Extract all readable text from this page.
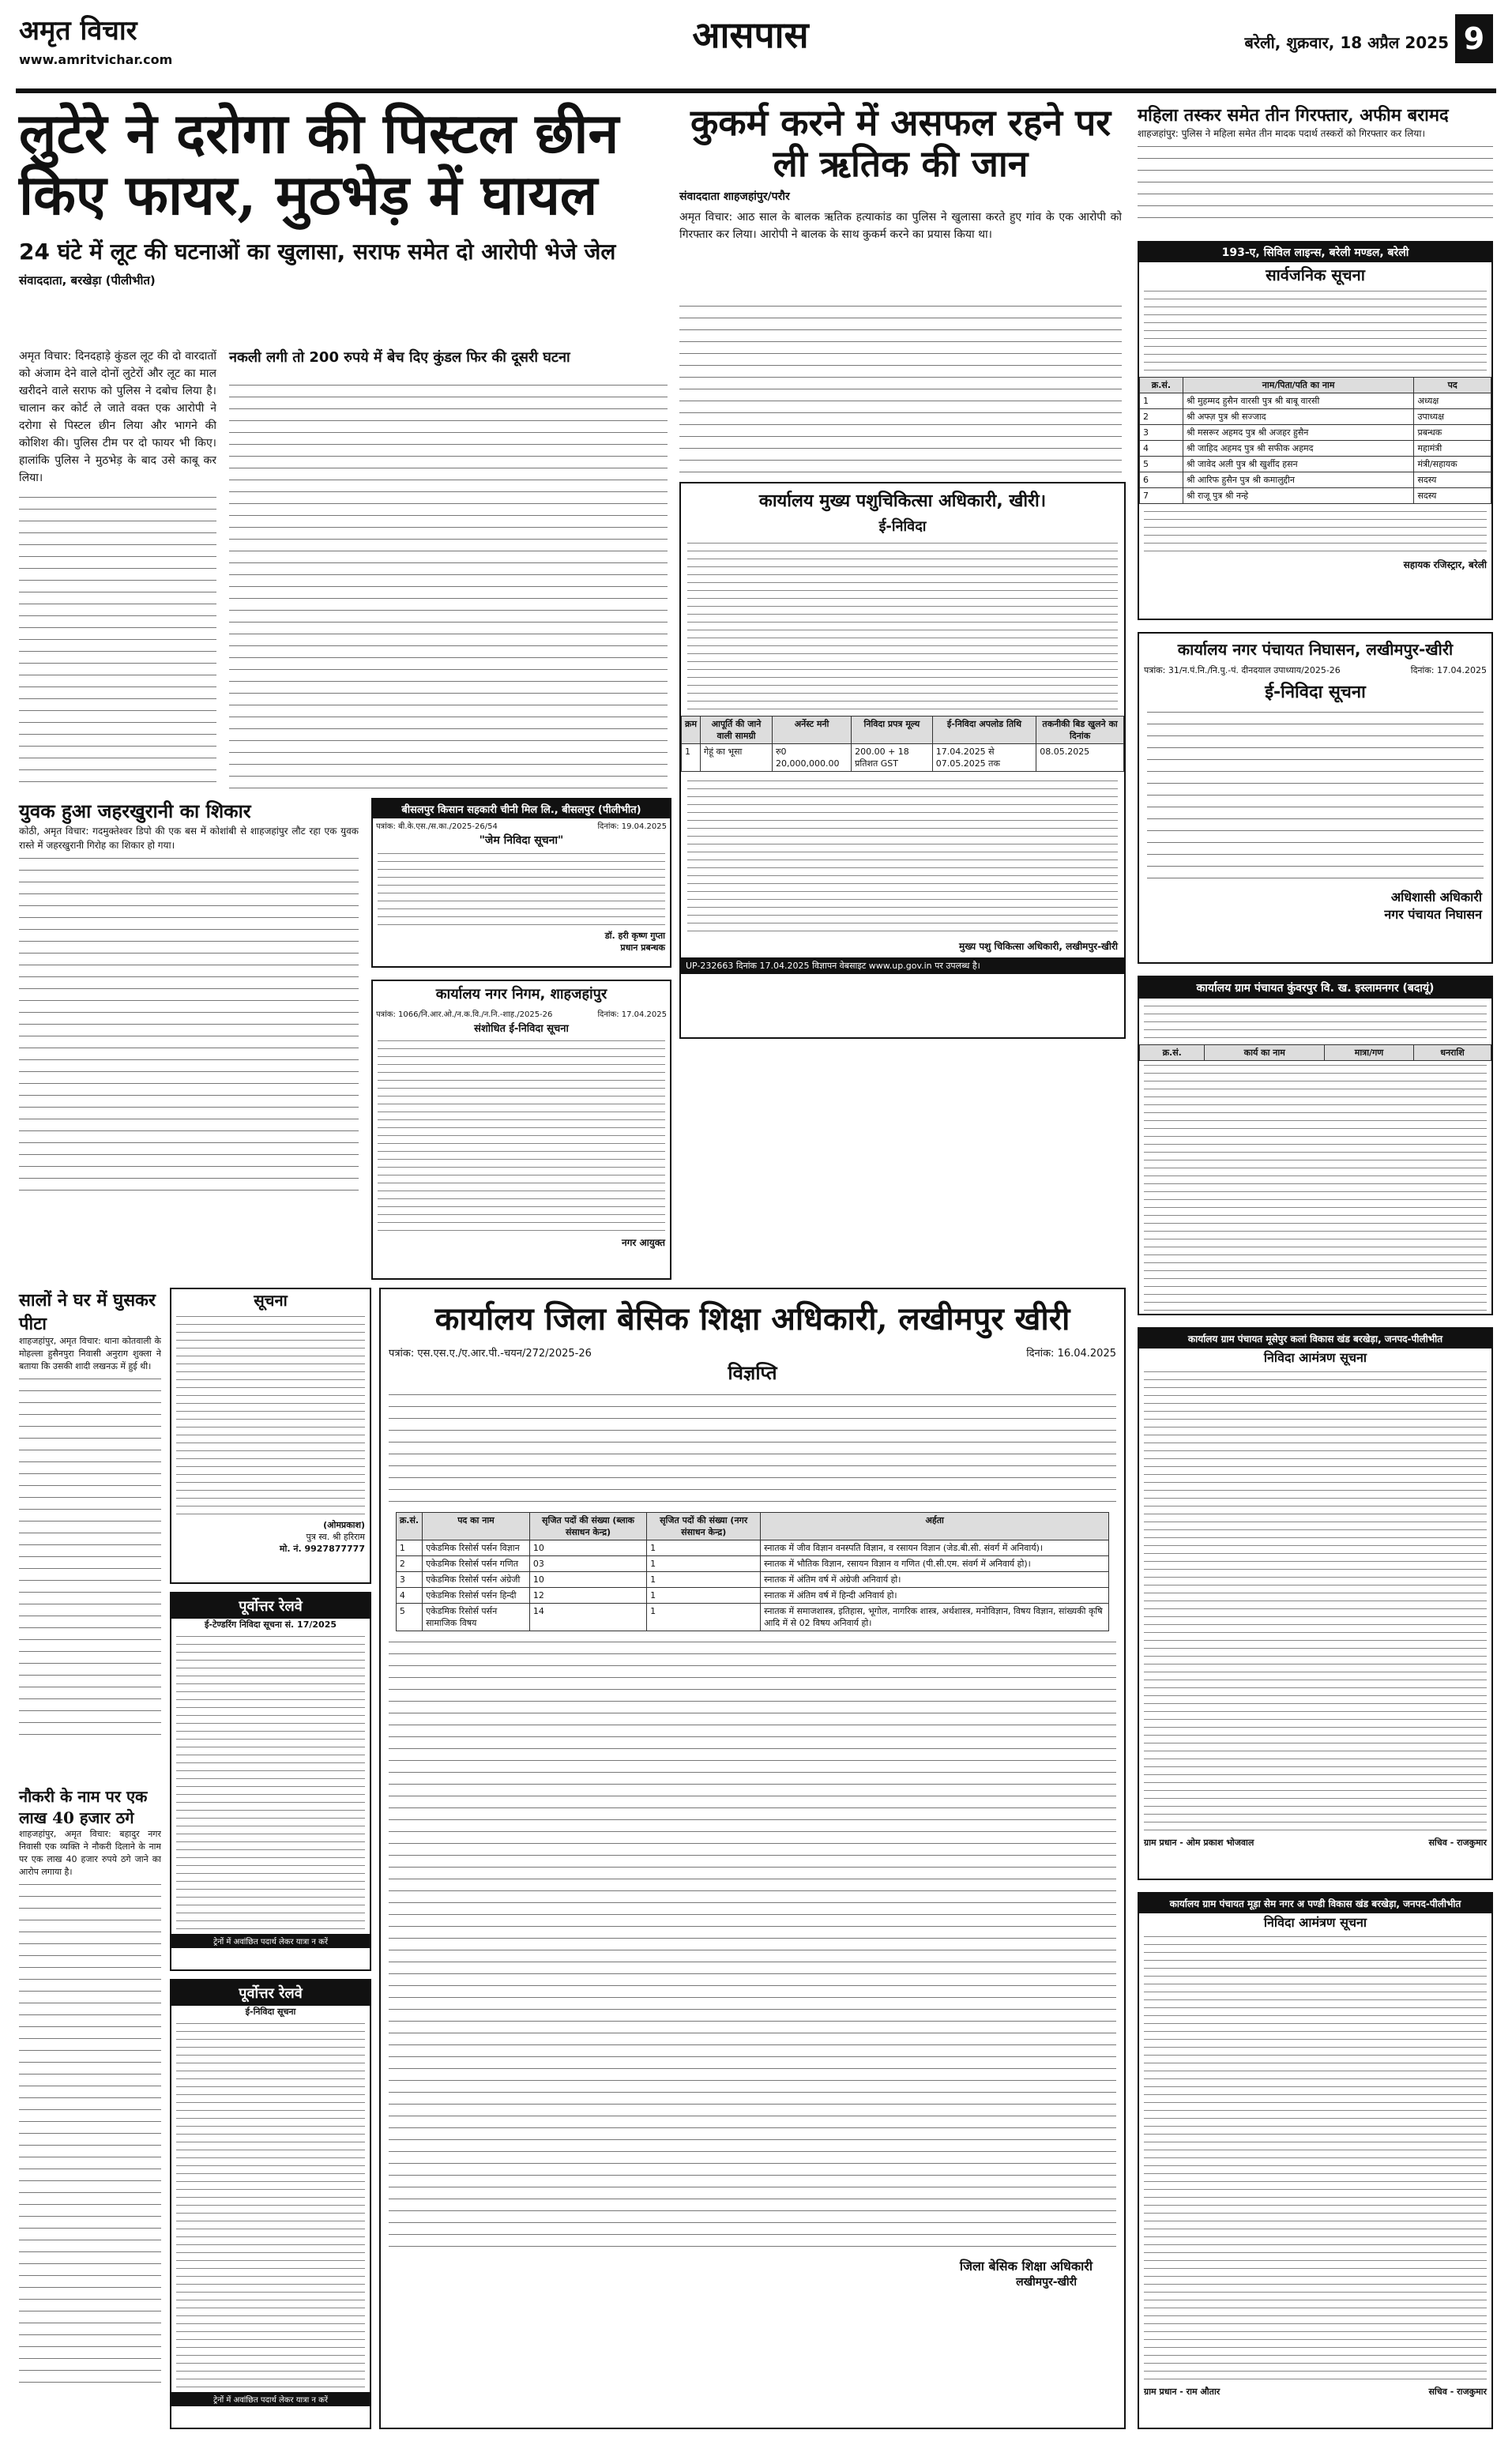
अमृत विचार
www.amritvichar.com
आसपास	बरेली, शुक्रवार, 18 अप्रैल 2025 9
लुटेरे ने दरोगा की पिस्टल छीन
किए फायर, मुठभेड़ में घायल
24 घंटे में लूट की घटनाओं का खुलासा, सराफ समेत दो आरोपी भेजे जेल
संवाददाता, बरखेड़ा (पीलीभीत)
अमृत विचार: दिनदहाड़े कुंडल लूट की दो वारदातों को अंजाम देने वाले दोनों लुटेरों और लूट का माल खरीदने वाले सराफ को पुलिस ने दबोच लिया है। चालान कर कोर्ट ले जाते वक्त एक आरोपी ने दरोगा से पिस्टल छीन लिया और भागने की कोशिश की। पुलिस टीम पर दो फायर भी किए। हालांकि पुलिस ने मुठभेड़ के बाद उसे काबू कर लिया।
नकली लगी तो 200 रुपये में बेच दिए कुंडल फिर की दूसरी घटना
कुकर्म करने में असफल रहने पर ली ऋतिक की जान
संवाददाता शाहजहांपुर/परौर
अमृत विचार: आठ साल के बालक ऋतिक हत्याकांड का पुलिस ने खुलासा करते हुए गांव के एक आरोपी को गिरफ्तार कर लिया। आरोपी ने बालक के साथ कुकर्म करने का प्रयास किया था।
महिला तस्कर समेत तीन गिरफ्तार, अफीम बरामद
शाहजहांपुर: पुलिस ने महिला समेत तीन मादक पदार्थ तस्करों को गिरफ्तार कर लिया।
193-ए, सिविल लाइन्स, बरेली मण्डल, बरेली
सार्वजनिक सूचना
क्र.सं.	नाम/पिता/पति का नाम	पद
1	श्री मुहम्मद हुसैन वारसी पुत्र श्री बाबू वारसी	अध्यक्ष
2	श्री अफ्ज़ पुत्र श्री सज्जाद	उपाध्यक्ष
3	श्री मसरूर अहमद पुत्र श्री अजहर हुसैन	प्रबन्धक
4	श्री जाहिद अहमद पुत्र श्री सफीक अहमद	महामंत्री
5	श्री जावेद अली पुत्र श्री खुर्शीद हसन	मंत्री/सहायक
6	श्री आरिफ हुसैन पुत्र श्री कमालुद्दीन	सदस्य
7	श्री राजू पुत्र श्री नन्हे	सदस्य
सहायक रजिस्ट्रार, बरेली
कार्यालय नगर पंचायत निघासन, लखीमपुर-खीरी
पत्रांक: 31/न.पं.नि./नि.पु.-पं. दीनदयाल उपाध्याय/2025-26	दिनांक: 17.04.2025
ई-निविदा सूचना
अधिशासी अधिकारी
नगर पंचायत निघासन
कार्यालय मुख्य पशुचिकित्सा अधिकारी, खीरी।
ई-निविदा
क्रम	आपूर्ति की जाने वाली सामग्री	अर्नेस्ट मनी	निविदा प्रपत्र मूल्य	ई-निविदा अपलोड तिथि	तकनीकी बिड खुलने का दिनांक
1	गेहूं का भूसा	रु0 20,000,000.00	200.00 + 18 प्रतिशत GST	17.04.2025 से 07.05.2025 तक	08.05.2025
मुख्य पशु चिकित्सा अधिकारी, लखीमपुर-खीरी
UP-232663 दिनांक 17.04.2025 विज्ञापन वेबसाइट www.up.gov.in पर उपलब्ध है।
युवक हुआ जहरखुरानी का शिकार
कोठी, अमृत विचार: गदमुक्तेश्वर डिपो की एक बस में कोशांबी से शाहजहांपुर लौट रहा एक युवक रास्ते में जहरखुरानी गिरोह का शिकार हो गया।
बीसलपुर किसान सहकारी चीनी मिल लि., बीसलपुर (पीलीभीत)
पत्रांक: बी.के.एस./स.का./2025-26/54	दिनांक: 19.04.2025
"जेम निविदा सूचना"
डॉ. हरी कृष्ण गुप्ता
प्रधान प्रबन्धक
कार्यालय नगर निगम, शाहजहांपुर
पत्रांक: 1066/नि.आर.ओ./न.क.वि./न.नि.-शाह./2025-26	दिनांक: 17.04.2025
संशोधित ई-निविदा सूचना
नगर आयुक्त
कार्यालय ग्राम पंचायत कुंवरपुर वि. ख. इस्लामनगर (बदायूं)
क्र.सं.	कार्य का नाम	मात्रा/गण	धनराशि
सालों ने घर में घुसकर पीटा
शाहजहांपुर, अमृत विचार: थाना कोतवाली के मोहल्ला हुसैनपुरा निवासी अनुराग शुक्ला ने बताया कि उसकी शादी लखनऊ में हुई थी।
नौकरी के नाम पर एक लाख 40 हजार ठगे
शाहजहांपुर, अमृत विचार: बहादुर नगर निवासी एक व्यक्ति ने नौकरी दिलाने के नाम पर एक लाख 40 हजार रुपये ठगे जाने का आरोप लगाया है।
सूचना
(ओमप्रकाश)
पुत्र स्व. श्री हरिराम
मो. नं. 9927877777
पूर्वोत्तर रेलवे
ई-टेण्डरिंग निविदा सूचना सं. 17/2025
ट्रेनों में अवांछित पदार्थ लेकर यात्रा न करें
पूर्वोत्तर रेलवे
ई-निविदा सूचना
ट्रेनों में अवांछित पदार्थ लेकर यात्रा न करें
कार्यालय जिला बेसिक शिक्षा अधिकारी, लखीमपुर खीरी
पत्रांक: एस.एस.ए./ए.आर.पी.-चयन/272/2025-26	दिनांक: 16.04.2025
विज्ञप्ति
क्र.सं.	पद का नाम	सृजित पदों की संख्या (ब्लाक संसाधन केन्द्र)	सृजित पदों की संख्या (नगर संसाधन केन्द्र)	अर्हता
1	एकेडमिक रिसोर्स पर्सन विज्ञान	10	1	स्नातक में जीव विज्ञान वनस्पति विज्ञान, व रसायन विज्ञान (जेड.बी.सी. संवर्ग में अनिवार्य)।
2	एकेडमिक रिसोर्स पर्सन गणित	03	1	स्नातक में भौतिक विज्ञान, रसायन विज्ञान व गणित (पी.सी.एम. संवर्ग में अनिवार्य हो)।
3	एकेडमिक रिसोर्स पर्सन अंग्रेजी	10	1	स्नातक में अंतिम वर्ष में अंग्रेजी अनिवार्य हो।
4	एकेडमिक रिसोर्स पर्सन हिन्दी	12	1	स्नातक में अंतिम वर्ष में हिन्दी अनिवार्य हो।
5	एकेडमिक रिसोर्स पर्सन सामाजिक विषय	14	1	स्नातक में समाजशास्त्र, इतिहास, भूगोल, नागरिक शास्त्र, अर्थशास्त्र, मनोविज्ञान, विषय विज्ञान, सांख्यकी कृषि आदि में से 02 विषय अनिवार्य हो।
जिला बेसिक शिक्षा अधिकारी
लखीमपुर-खीरी
कार्यालय ग्राम पंचायत मूसेपुर कलां विकास खंड बरखेड़ा, जनपद-पीलीभीत
निविदा आमंत्रण सूचना
ग्राम प्रधान - ओम प्रकाश भोजवाल	सचिव - राजकुमार
कार्यालय ग्राम पंचायत मूड़ा सेम नगर अ पण्डी विकास खंड बरखेड़ा, जनपद-पीलीभीत
निविदा आमंत्रण सूचना
ग्राम प्रधान - राम औतार	सचिव - राजकुमार
